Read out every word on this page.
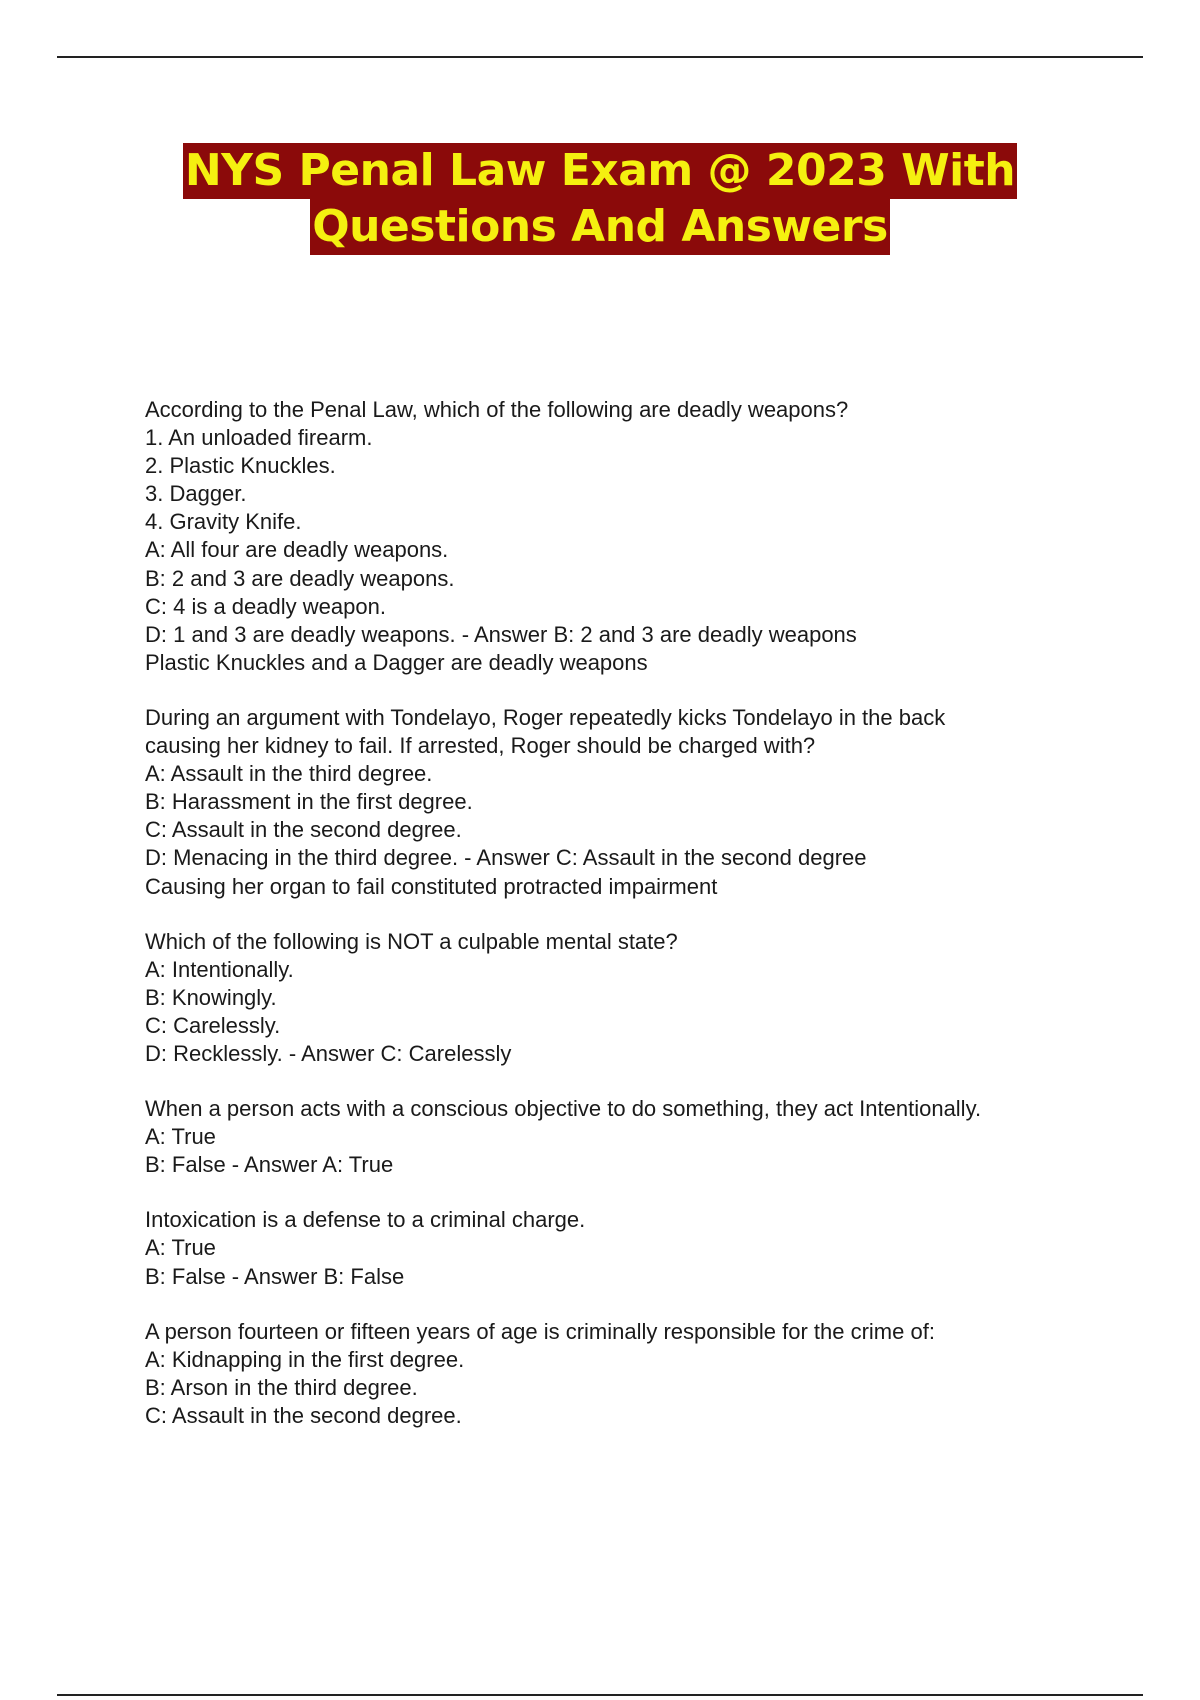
NYS Penal Law Exam @ 2023 With
Questions And Answers
According to the Penal Law, which of the following are deadly weapons?
1. An unloaded firearm.
2. Plastic Knuckles.
3. Dagger.
4. Gravity Knife.
A: All four are deadly weapons.
B: 2 and 3 are deadly weapons.
C: 4 is a deadly weapon.
D: 1 and 3 are deadly weapons. - Answer B: 2 and 3 are deadly weapons
Plastic Knuckles and a Dagger are deadly weapons
During an argument with Tondelayo, Roger repeatedly kicks Tondelayo in the back
causing her kidney to fail. If arrested, Roger should be charged with?
A: Assault in the third degree.
B: Harassment in the first degree.
C: Assault in the second degree.
D: Menacing in the third degree. - Answer C: Assault in the second degree
Causing her organ to fail constituted protracted impairment
Which of the following is NOT a culpable mental state?
A: Intentionally.
B: Knowingly.
C: Carelessly.
D: Recklessly. - Answer C: Carelessly
When a person acts with a conscious objective to do something, they act Intentionally.
A: True
B: False - Answer A: True
Intoxication is a defense to a criminal charge.
A: True
B: False - Answer B: False
A person fourteen or fifteen years of age is criminally responsible for the crime of:
A: Kidnapping in the first degree.
B: Arson in the third degree.
C: Assault in the second degree.
